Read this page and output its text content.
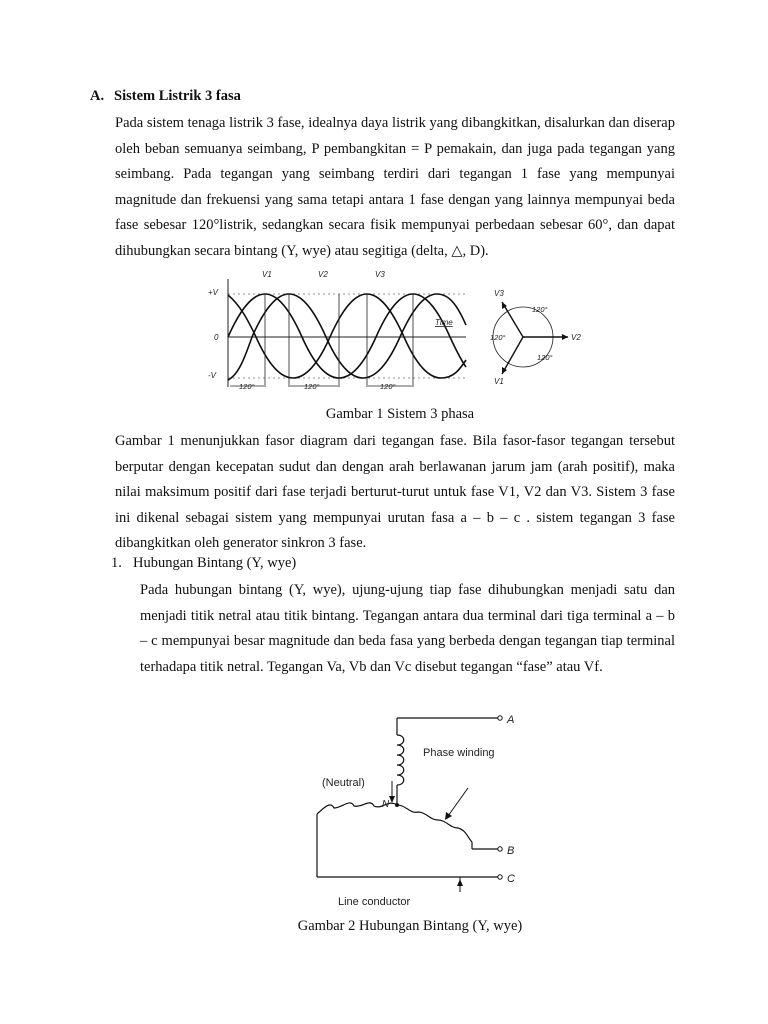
A. Sistem Listrik 3 fasa
Pada sistem tenaga listrik 3 fase, idealnya daya listrik yang dibangkitkan, disalurkan dan diserap oleh beban semuanya seimbang, P pembangkitan = P pemakain, dan juga pada tegangan yang seimbang. Pada tegangan yang seimbang terdiri dari tegangan 1 fase yang mempunyai magnitude dan frekuensi yang sama tetapi antara 1 fase dengan yang lainnya mempunyai beda fase sebesar 120°listrik, sedangkan secara fisik mempunyai perbedaan sebesar 60°, dan dapat dihubungkan secara bintang (Y, wye) atau segitiga (delta, △, D).
+V
0
-V
Time
V1	V2	V3
120°	120°	120°
V3
V2
V1
120°
120°
120°
Gambar 1 Sistem 3 phasa
Gambar 1 menunjukkan fasor diagram dari tegangan fase. Bila fasor-fasor tegangan tersebut berputar dengan kecepatan sudut dan dengan arah berlawanan jarum jam (arah positif), maka nilai maksimum positif dari fase terjadi berturut-turut untuk fase V1, V2 dan V3. Sistem 3 fase ini dikenal sebagai sistem yang mempunyai urutan fasa a – b – c . sistem tegangan 3 fase dibangkitkan oleh generator sinkron 3 fase.
1. Hubungan Bintang (Y, wye)
Pada hubungan bintang (Y, wye), ujung-ujung tiap fase dihubungkan menjadi satu dan menjadi titik netral atau titik bintang. Tegangan antara dua terminal dari tiga terminal a – b – c mempunyai besar magnitude dan beda fasa yang berbeda dengan tegangan tiap terminal terhadapa titik netral. Tegangan Va, Vb dan Vc disebut tegangan “fase” atau Vf.
A
B
C
Phase winding
(Neutral)
N
Line conductor
Gambar 2 Hubungan Bintang (Y, wye)
